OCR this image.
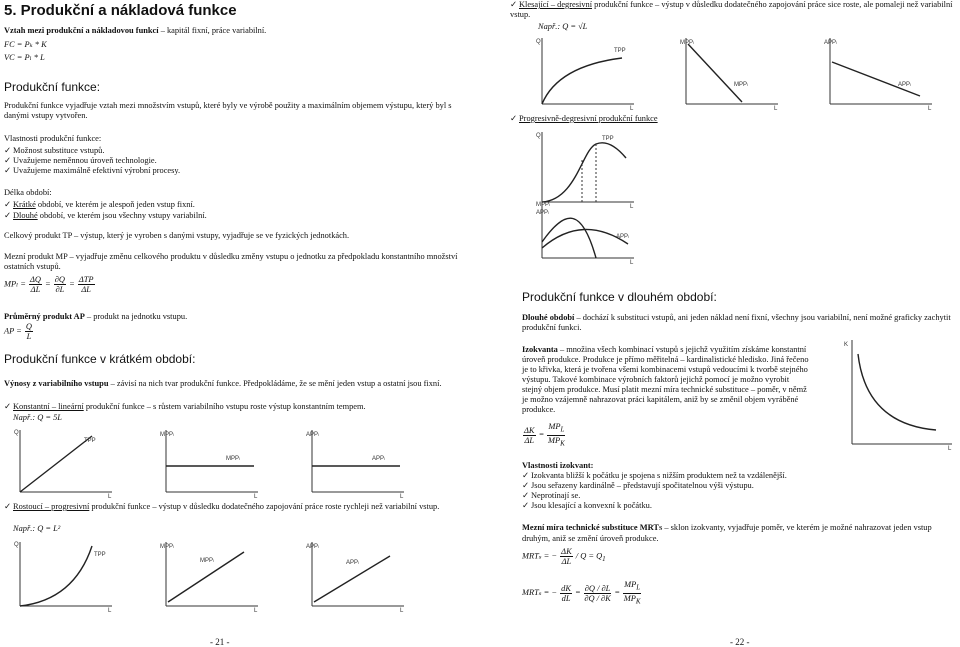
5. Produkční a nákladová funkce
Vztah mezi produkční a nákladovou funkcí – kapitál fixní, práce variabilní.
FC = Pₖ * K
VC = Pₗ * L
Produkční funkce:
Produkční funkce vyjadřuje vztah mezi množstvím vstupů, které byly ve výrobě použity a maximálním objemem výstupu, který byl s danými vstupy vytvořen.
Vlastnosti produkční funkce:
✓ Možnost substituce vstupů.
✓ Uvažujeme neměnnou úroveň technologie.
✓ Uvažujeme maximálně efektivní výrobní procesy.
Délka období:
✓ Krátké období, ve kterém je alespoň jeden vstup fixní.
✓ Dlouhé období, ve kterém jsou všechny vstupy variabilní.
Celkový produkt TP – výstup, který je vyroben s danými vstupy, vyjadřuje se ve fyzických jednotkách.
Mezní produkt MP – vyjadřuje změnu celkového produktu v důsledku změny vstupu o jednotku za předpokladu konstantního množství ostatních vstupů.
$MP_l = \frac{\Delta Q}{\Delta L} = \frac{\partial Q}{\partial L} = \frac{\text{ΔTP}}{\Delta L}$
Průměrný produkt AP – produkt na jednotku vstupu.
AP = $\frac{Q}{L}$
Produkční funkce v krátkém období:
Výnosy z variabilního vstupu – závisí na nich tvar produkční funkce. Předpokládáme, že se mění jeden vstup a ostatní jsou fixní.
✓ Konstantní – lineární produkční funkce – s růstem variabilního vstupu roste výstup konstantním tempem.
Např.: Q = 5L
Q
TPP
L
MPPₗ
MPPₗ
L
APPₗ
APPₗ
L
✓ Rostoucí – progresivní produkční funkce – výstup v důsledku dodatečného zapojování práce roste rychleji než variabilní vstup.
Např.: Q = L²
Q
TPP
L
MPPₗ
MPPₗ
L
APPₗ
APPₗ
L
- 21 -
✓ Klesající – degresivní produkční funkce – výstup v důsledku dodatečného zapojování práce sice roste, ale pomaleji než variabilní vstup.
Např.: Q = √L
Q
TPP
L
MPPₗ
MPPₗ
L
APPₗ
APPₗ
L
✓ Progresivně-degresivní produkční funkce
Q	TPP
L
MPPₗ
APPₗ
APPₗ
L
Produkční funkce v dlouhém období:
Dlouhé období – dochází k substituci vstupů, ani jeden náklad není fixní, všechny jsou variabilní, není možné graficky zachytit produkční funkci.
Izokvanta – množina všech kombinací vstupů s jejichž využitím získáme konstantní úroveň produkce. Produkce je přímo měřitelná – kardinalistické hledisko. Jiná řečeno je to křivka, která je tvořena všemi kombinacemi vstupů vedoucími k tvorbě stejného výstupu. Takové kombinace výrobních faktorů jejichž pomocí je možno vyrobit stejný objem produkce. Musí platit mezní míra technické substituce – poměr, v němž je možno vzájemně nahrazovat práci kapitálem, aniž by se změnil objem vyráběné produkce.
$\frac{\Delta K}{\Delta L} = \frac{MP_L}{MP_K}$
K
L
Vlastnosti izokvant:
✓ Izokvanta bližší k počátku je spojena s nižším produktem než ta vzdálenější.
✓ Jsou seřazeny kardinálně – představují spočitatelnou výši výstupu.
✓ Neprotínají se.
✓ Jsou klesající a konvexní k počátku.
Mezní míra technické substituce MRTS – sklon izokvanty, vyjadřuje poměr, ve kterém je možné nahrazovat jeden vstup druhým, aniž se změní úroveň produkce.
MRTₛ = − $\frac{\Delta K}{\Delta L} / Q = Q_1$
MRTₛ = − $\frac{dK}{dL} = \frac{\partial Q / \partial L}{\partial Q / \partial K} = \frac{MP_L}{MP_K}$
- 22 -
